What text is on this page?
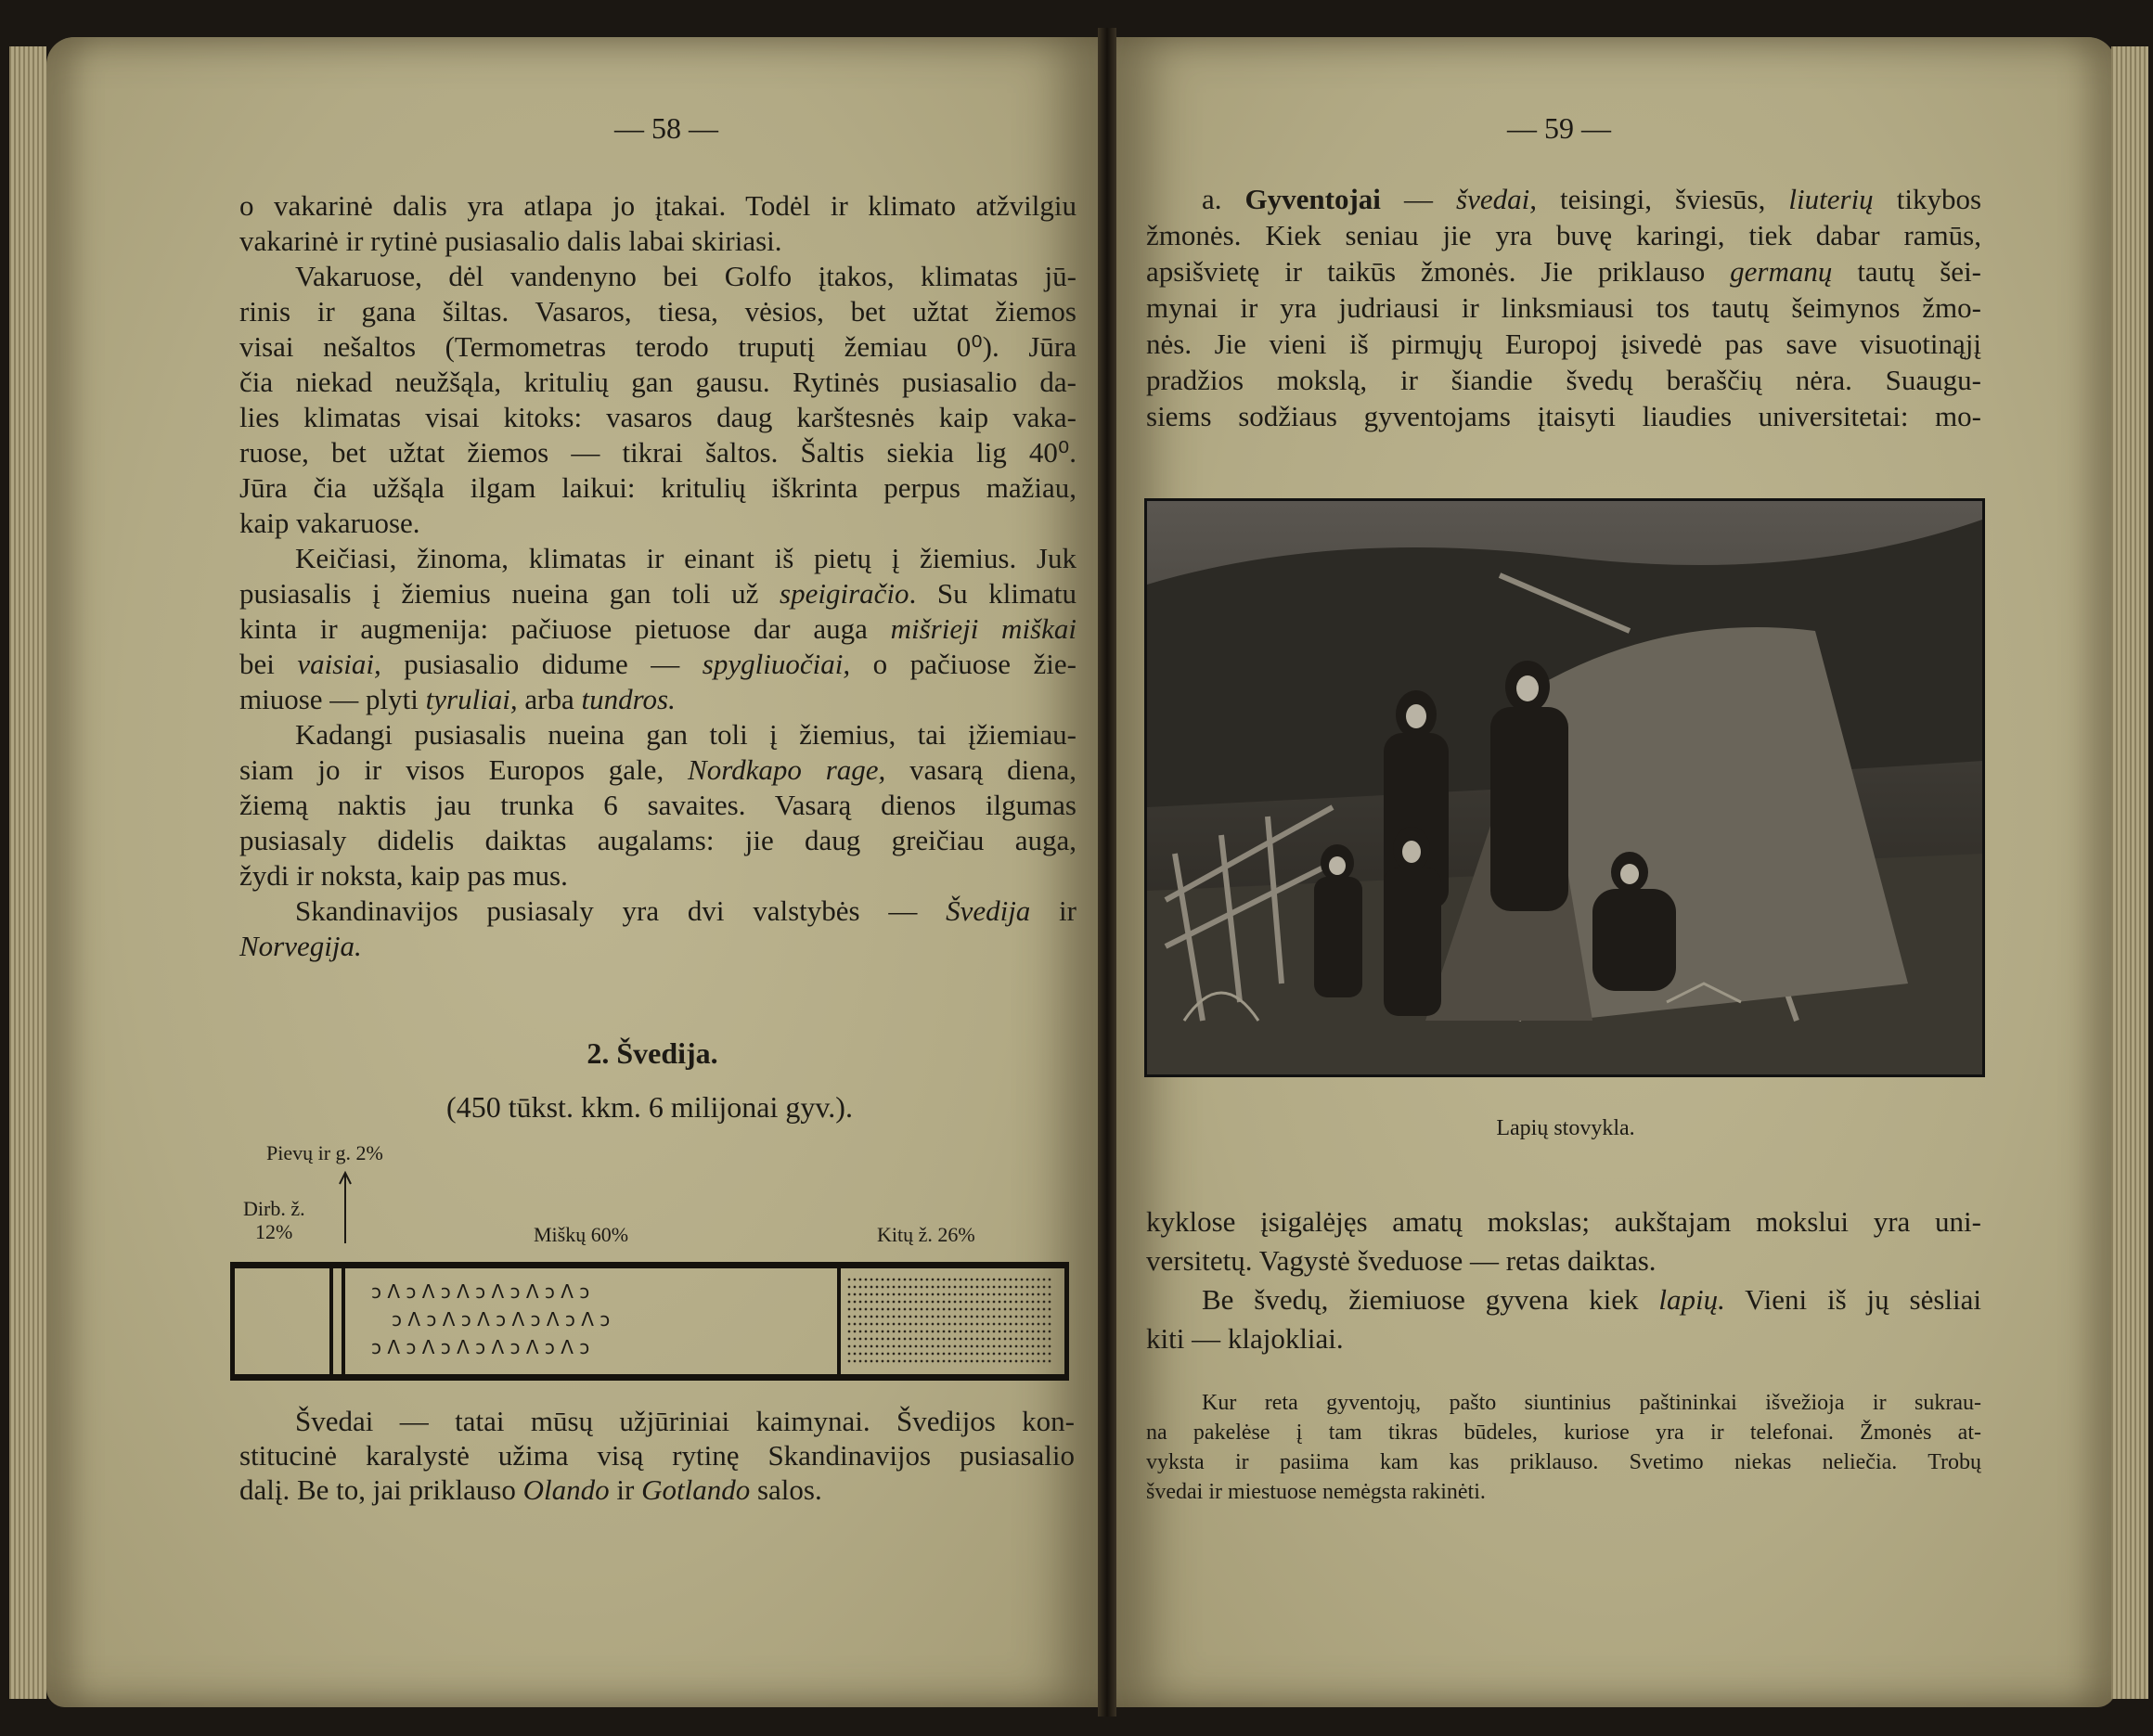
— 58 —	— 59 —
o vakarinė dalis yra atlapa jo įtakai. Todėl ir klimato atžvilgiu
vakarinė ir rytinė pusiasalio dalis labai skiriasi.
Vakaruose, dėl vandenyno bei Golfo įtakos, klimatas jū-
rinis ir gana šiltas. Vasaros, tiesa, vėsios, bet užtat žiemos
visai nešaltos (Termometras terodo truputį žemiau 0⁰). Jūra
čia niekad neužšąla, kritulių gan gausu. Rytinės pusiasalio da-
lies klimatas visai kitoks: vasaros daug karštesnės kaip vaka-
ruose, bet užtat žiemos — tikrai šaltos. Šaltis siekia lig 40⁰.
Jūra čia užšąla ilgam laikui: kritulių iškrinta perpus mažiau,
kaip vakaruose.
Keičiasi, žinoma, klimatas ir einant iš pietų į žiemius. Juk
pusiasalis į žiemius nueina gan toli už speigiračio. Su klimatu
kinta ir augmenija: pačiuose pietuose dar auga mišrieji miškai
bei vaisiai, pusiasalio didume — spygliuočiai, o pačiuose žie-
miuose — plyti tyruliai, arba tundros.
Kadangi pusiasalis nueina gan toli į žiemius, tai įžiemiau-
siam jo ir visos Europos gale, Nordkapo rage, vasarą diena,
žiemą naktis jau trunka 6 savaites. Vasarą dienos ilgumas
pusiasaly didelis daiktas augalams: jie daug greičiau auga,
žydi ir noksta, kaip pas mus.
Skandinavijos pusiasaly yra dvi valstybės — Švedija ir
Norvegija.
2. Švedija.
(450 tūkst. kkm. 6 milijonai gyv.).
Pievų ir g. 2%
Dirb. ž.
12%	Miškų 60%	Kitų ž. 26%
ↄ Λ ↄ Λ ↄ Λ ↄ Λ ↄ Λ ↄ Λ ↄ
ↄ Λ ↄ Λ ↄ Λ ↄ Λ ↄ Λ ↄ Λ ↄ
ↄ Λ ↄ Λ ↄ Λ ↄ Λ ↄ Λ ↄ Λ ↄ
Švedai — tatai mūsų užjūriniai kaimynai. Švedijos kon-
stitucinė karalystė užima visą rytinę Skandinavijos pusiasalio
dalį. Be to, jai priklauso Olando ir Gotlando salos.
a. Gyventojai — švedai, teisingi, šviesūs, liuterių tikybos
žmonės. Kiek seniau jie yra buvę karingi, tiek dabar ramūs,
apsišvietę ir taikūs žmonės. Jie priklauso germanų tautų šei-
mynai ir yra judriausi ir linksmiausi tos tautų šeimynos žmo-
nės. Jie vieni iš pirmųjų Europoj įsivedė pas save visuotinąjį
pradžios mokslą, ir šiandie švedų beraščių nėra. Suaugu-
siems sodžiaus gyventojams įtaisyti liaudies universitetai: mo-
Lapių stovykla.
kyklose įsigalėjęs amatų mokslas; aukštajam mokslui yra uni-
versitetų. Vagystė šveduose — retas daiktas.
Be švedų, žiemiuose gyvena kiek lapių. Vieni iš jų sėsliai
kiti — klajokliai.
Kur reta gyventojų, pašto siuntinius paštininkai išvežioja ir sukrau-
na pakelėse į tam tikras būdeles, kuriose yra ir telefonai. Žmonės at-
vyksta ir pasiima kam kas priklauso. Svetimo niekas neliečia. Trobų
švedai ir miestuose nemėgsta rakinėti.
